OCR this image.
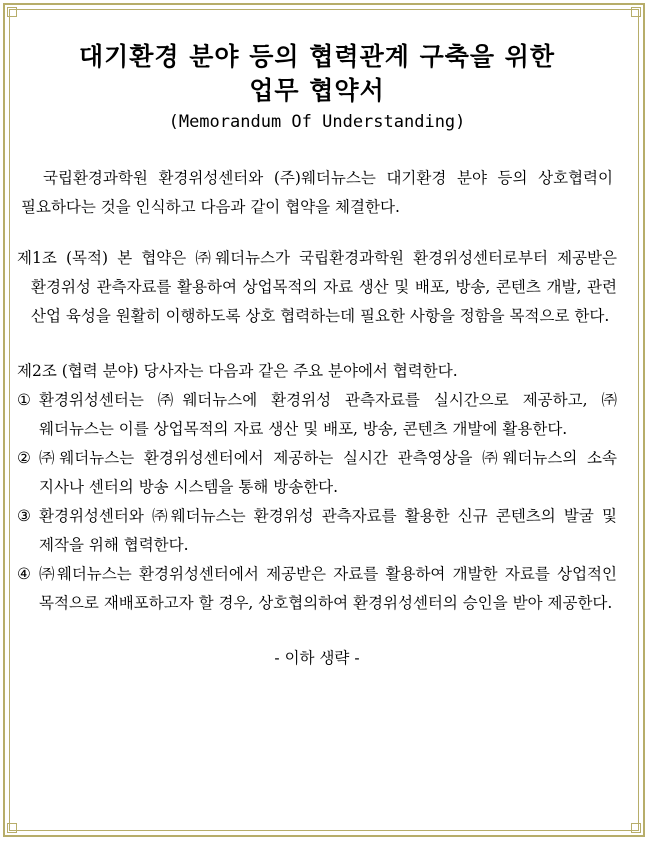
대기환경 분야 등의 협력관계 구축을 위한
업무 협약서
(Memorandum Of Understanding)

국립환경과학원 환경위성센터와 (주)웨더뉴스는 대기환경 분야 등의 상호협력이 필요하다는 것을 인식하고 다음과 같이 협약을 체결한다.

제1조 (목적) 본 협약은 ㈜웨더뉴스가 국립환경과학원 환경위성센터로부터 제공받은 환경위성 관측자료를 활용하여 상업목적의 자료 생산 및 배포, 방송, 콘텐츠 개발, 관련 산업 육성을 원활히 이행하도록 상호 협력하는데 필요한 사항을 정함을 목적으로 한다.

제2조 (협력 분야) 당사자는 다음과 같은 주요 분야에서 협력한다.

① 환경위성센터는 ㈜웨더뉴스에 환경위성 관측자료를 실시간으로 제공하고, ㈜웨더뉴스는 이를 상업목적의 자료 생산 및 배포, 방송, 콘텐츠 개발에 활용한다.
② ㈜웨더뉴스는 환경위성센터에서 제공하는 실시간 관측영상을 ㈜웨더뉴스의 소속 지사나 센터의 방송 시스템을 통해 방송한다.
③ 환경위성센터와 ㈜웨더뉴스는 환경위성 관측자료를 활용한 신규 콘텐츠의 발굴 및 제작을 위해 협력한다.
④ ㈜웨더뉴스는 환경위성센터에서 제공받은 자료를 활용하여 개발한 자료를 상업적인 목적으로 재배포하고자 할 경우, 상호협의하여 환경위성센터의 승인을 받아 제공한다.
- 이하 생략 -
